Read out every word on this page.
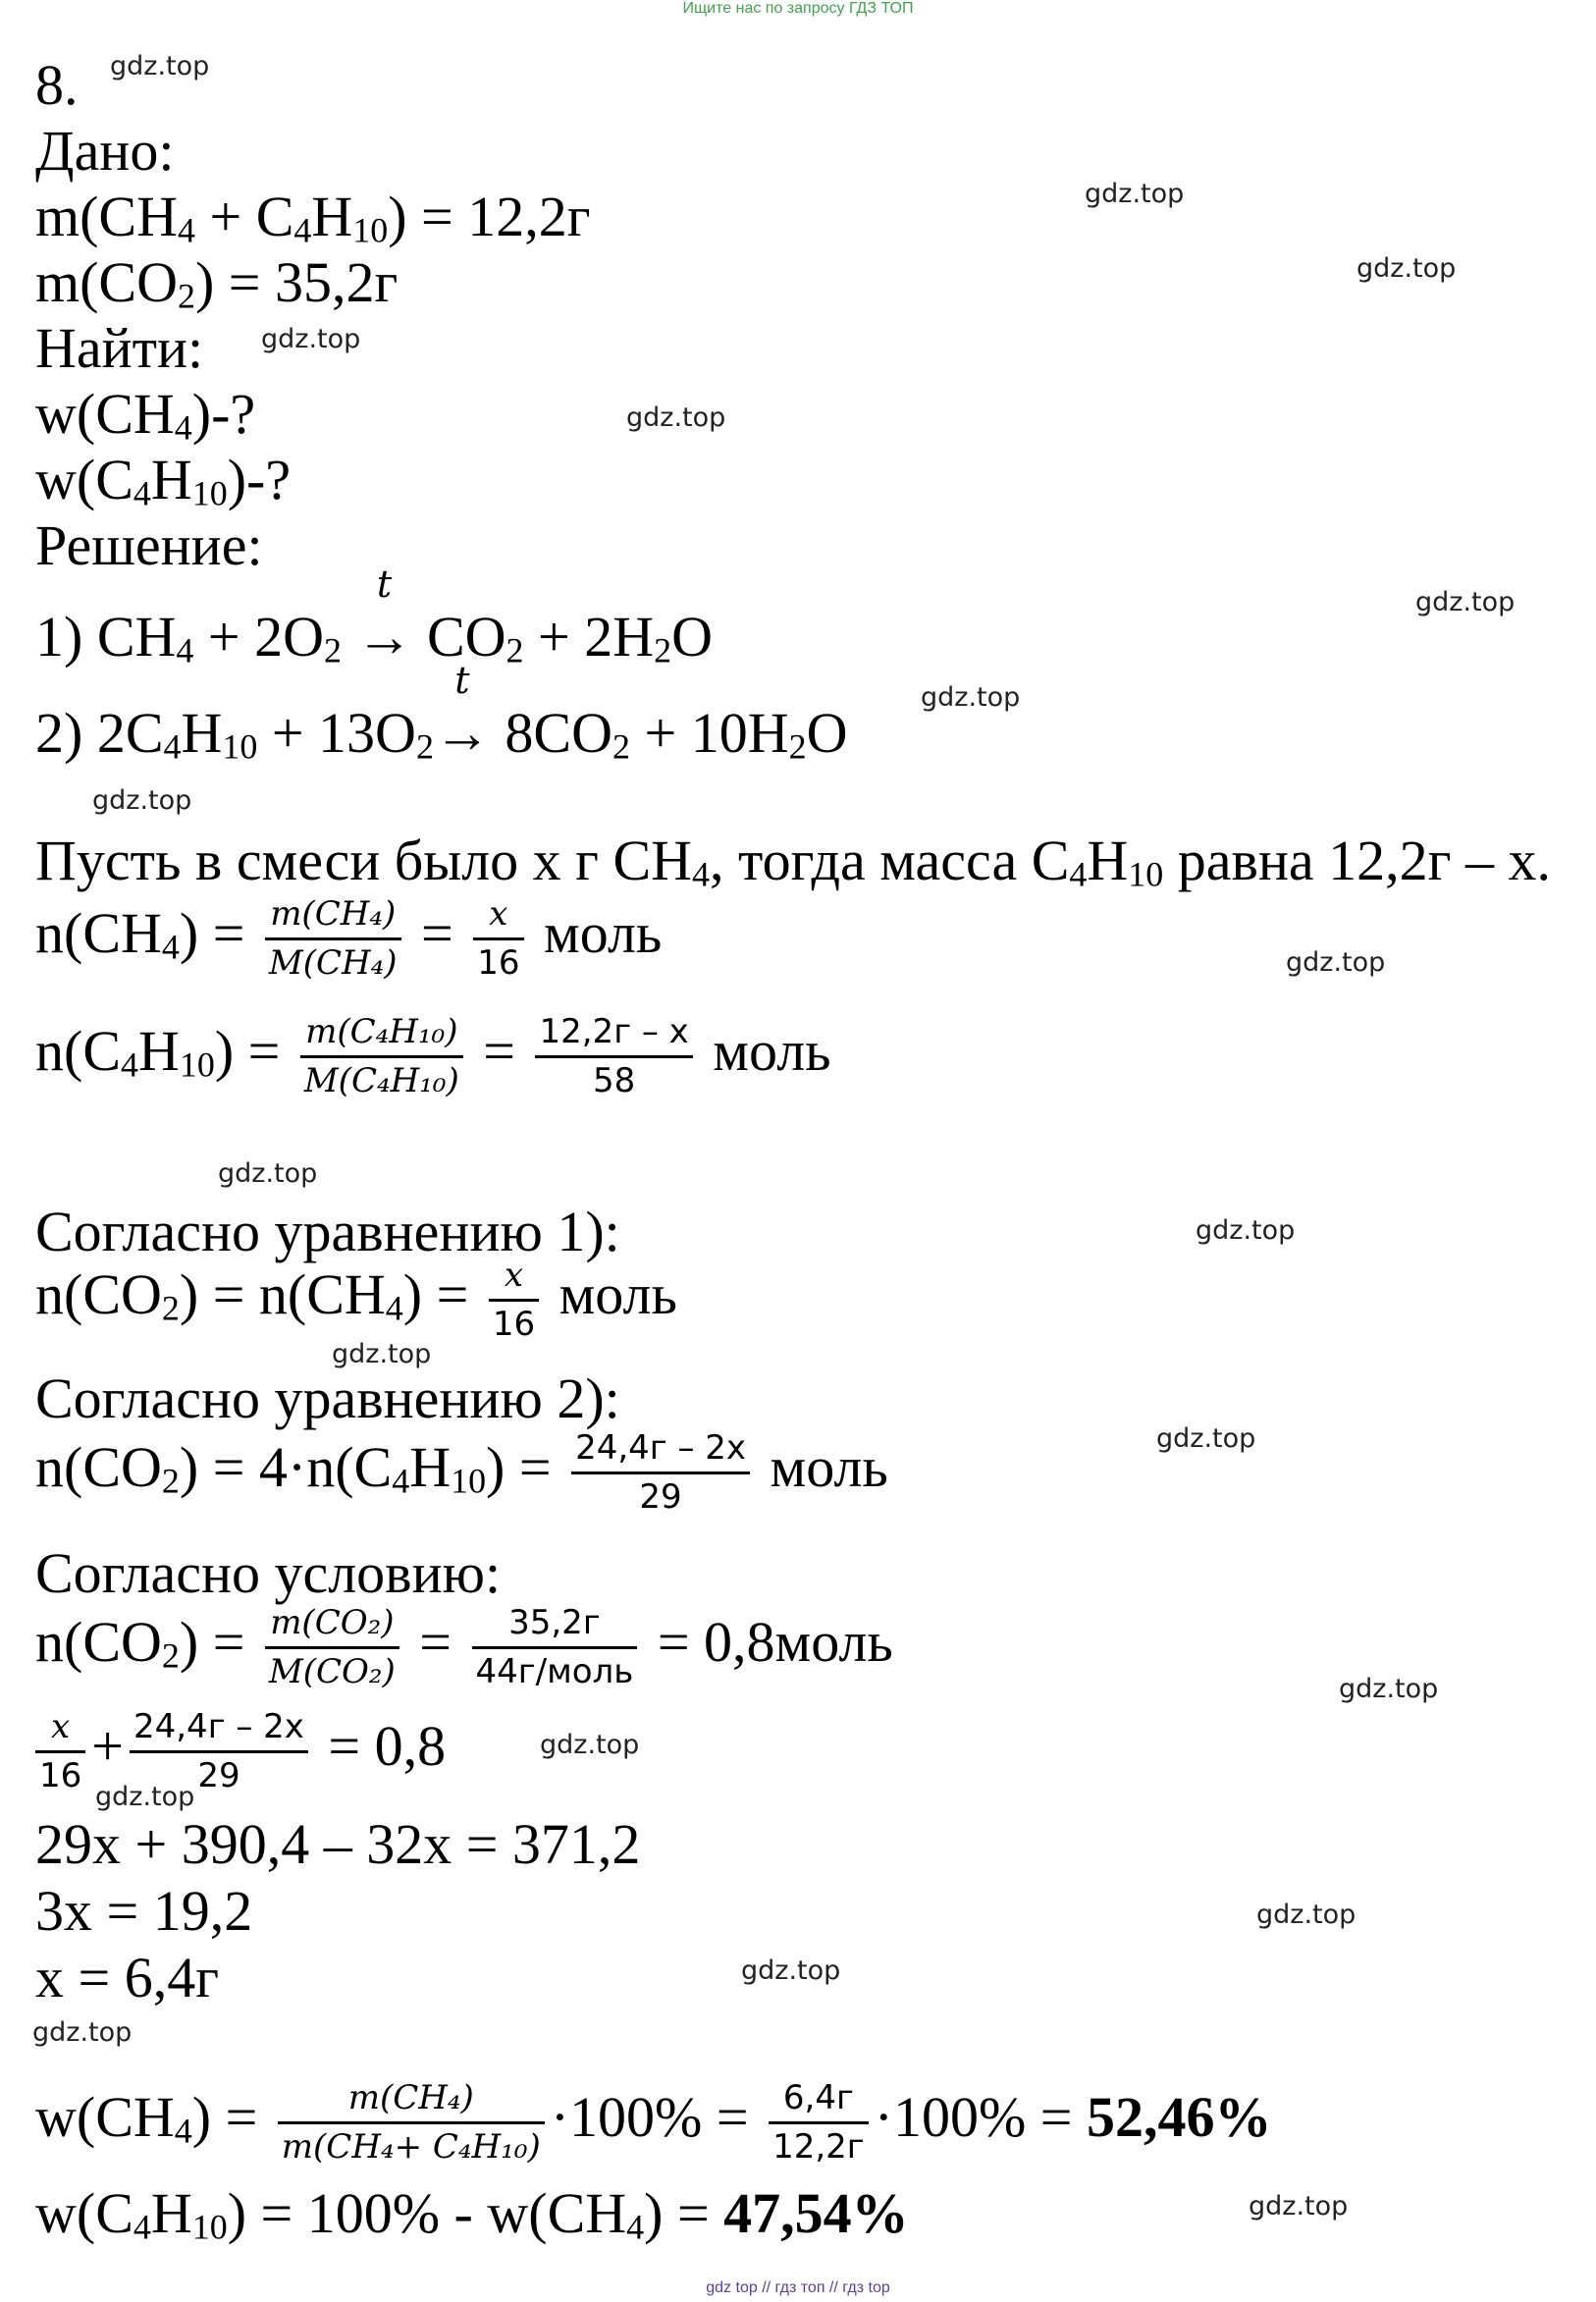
Ищите нас по запросу ГДЗ ТОП
gdz.top
gdz.top
gdz.top
gdz.top
gdz.top
gdz.top
gdz.top
gdz.top
gdz.top
gdz.top
gdz.top
gdz.top
gdz.top
gdz.top
gdz.top
gdz.top
gdz.top
gdz.top
gdz.top
gdz.top
8.
Дано:
$m(CH_4 + C_4H_{10}) = 12,2г$
$m(CO_2) = 35,2г$
Найти:
$w(CH_4)-$?
$w(C_4H_{10})-$?
Решение:
1) $CH_4 + 2O_2$
t
→ $CO_2 + 2H_2O$
2) $2C_4H_{10} + 13O_2$
t
→ $8CO_2 + 10H_2O$
Пусть в смеси было х г $CH_4$, тогда масса $C_4H_{10}$ равна 12,2г – х.
$n(CH_4) = \frac{\text{m(CH₄)}}{\text{M(CH₄)}} = \frac{x}{16}$ моль
$n(C_4H_{10}) = \frac{\text{m(C₄H₁₀)}}{\text{M(C₄H₁₀)}} = \frac{12,2г - х}{58}$ моль
Согласно уравнению 1):
$n(CO_2) = n(CH_4) = \frac{x}{16}$ моль
Согласно уравнению 2):
$n(CO_2) = 4\cdot n(C_4H_{10}) = \frac{24,4г - 2х}{29}$ моль
Согласно условию:
$n(CO_2) = \frac{\text{m(CO₂)}}{\text{M(CO₂)}} = \frac{35,2г}{\text{44г/моль}}$ = 0,8моль
$\frac{x}{16} + \frac{24,4г - 2х}{29} = 0,8$
29x + 390,4 – 32x = 371,2
3x = 19,2
x = 6,4г
$w(CH_4) = \frac{\text{m(CH₄)}}{\text{m(CH₄+ C₄H₁₀)}} \cdot 100\% = \frac{6,4г}{12,2г} \cdot 100\% = 52,46\%$
$w(C_4H_{10}) = 100\% - w(CH_4) = 47,54\%$
gdz top // гдз топ // гдз top
